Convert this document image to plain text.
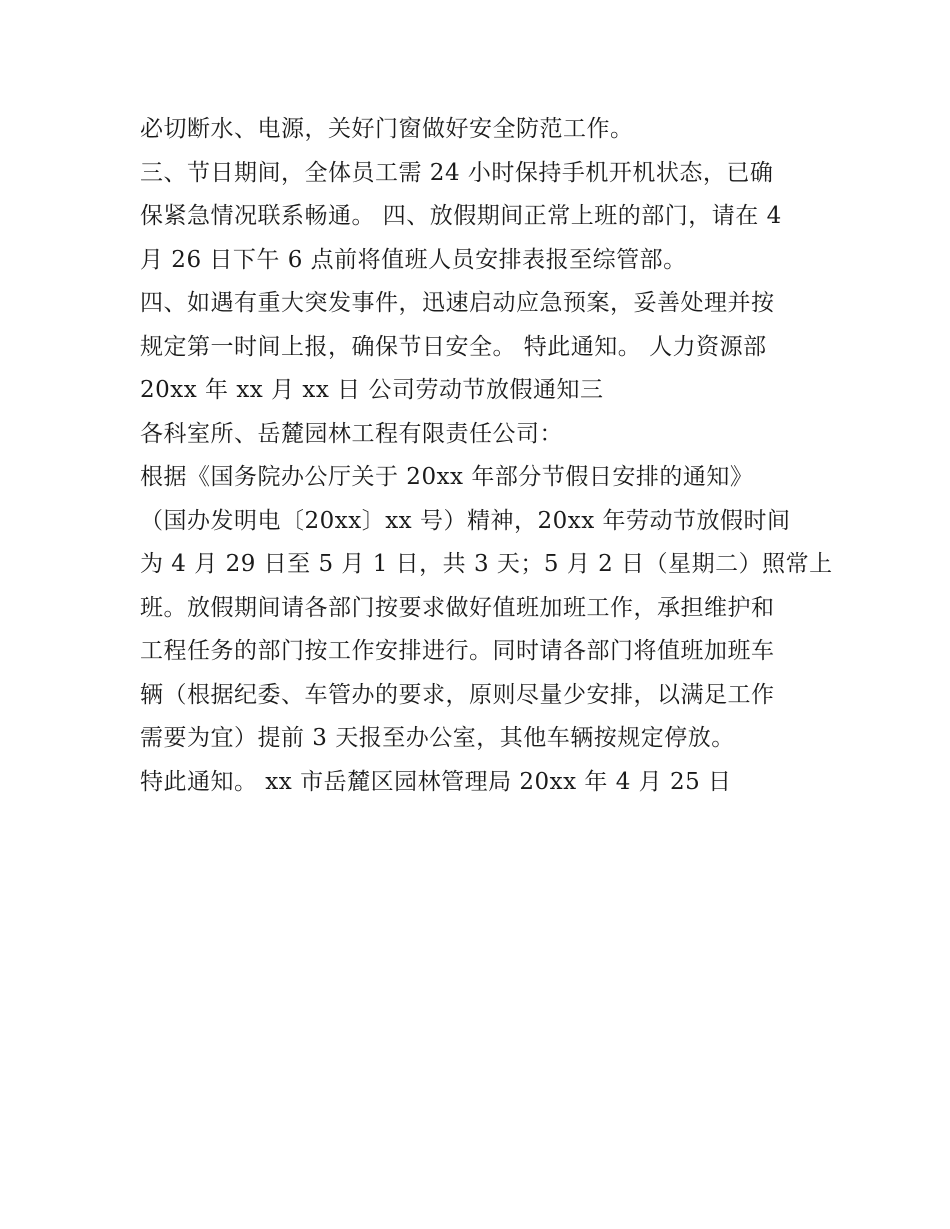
必切断水、电源，关好门窗做好安全防范工作。
三、节日期间，全体员工需 24 小时保持手机开机状态，已确
保紧急情况联系畅通。 四、放假期间正常上班的部门，请在 4
月 26 日下午 6 点前将值班人员安排表报至综管部。
四、如遇有重大突发事件，迅速启动应急预案，妥善处理并按
规定第一时间上报，确保节日安全。 特此通知。 人力资源部
20xx 年 xx 月 xx 日 公司劳动节放假通知三
各科室所、岳麓园林工程有限责任公司：
根据《国务院办公厅关于 20xx 年部分节假日安排的通知》
（国办发明电〔20xx〕xx 号）精神，20xx 年劳动节放假时间
为 4 月 29 日至 5 月 1 日，共 3 天；5 月 2 日（星期二）照常上
班。放假期间请各部门按要求做好值班加班工作，承担维护和
工程任务的部门按工作安排进行。同时请各部门将值班加班车
辆（根据纪委、车管办的要求，原则尽量少安排，以满足工作
需要为宜）提前 3 天报至办公室，其他车辆按规定停放。
特此通知。 xx 市岳麓区园林管理局 20xx 年 4 月 25 日
